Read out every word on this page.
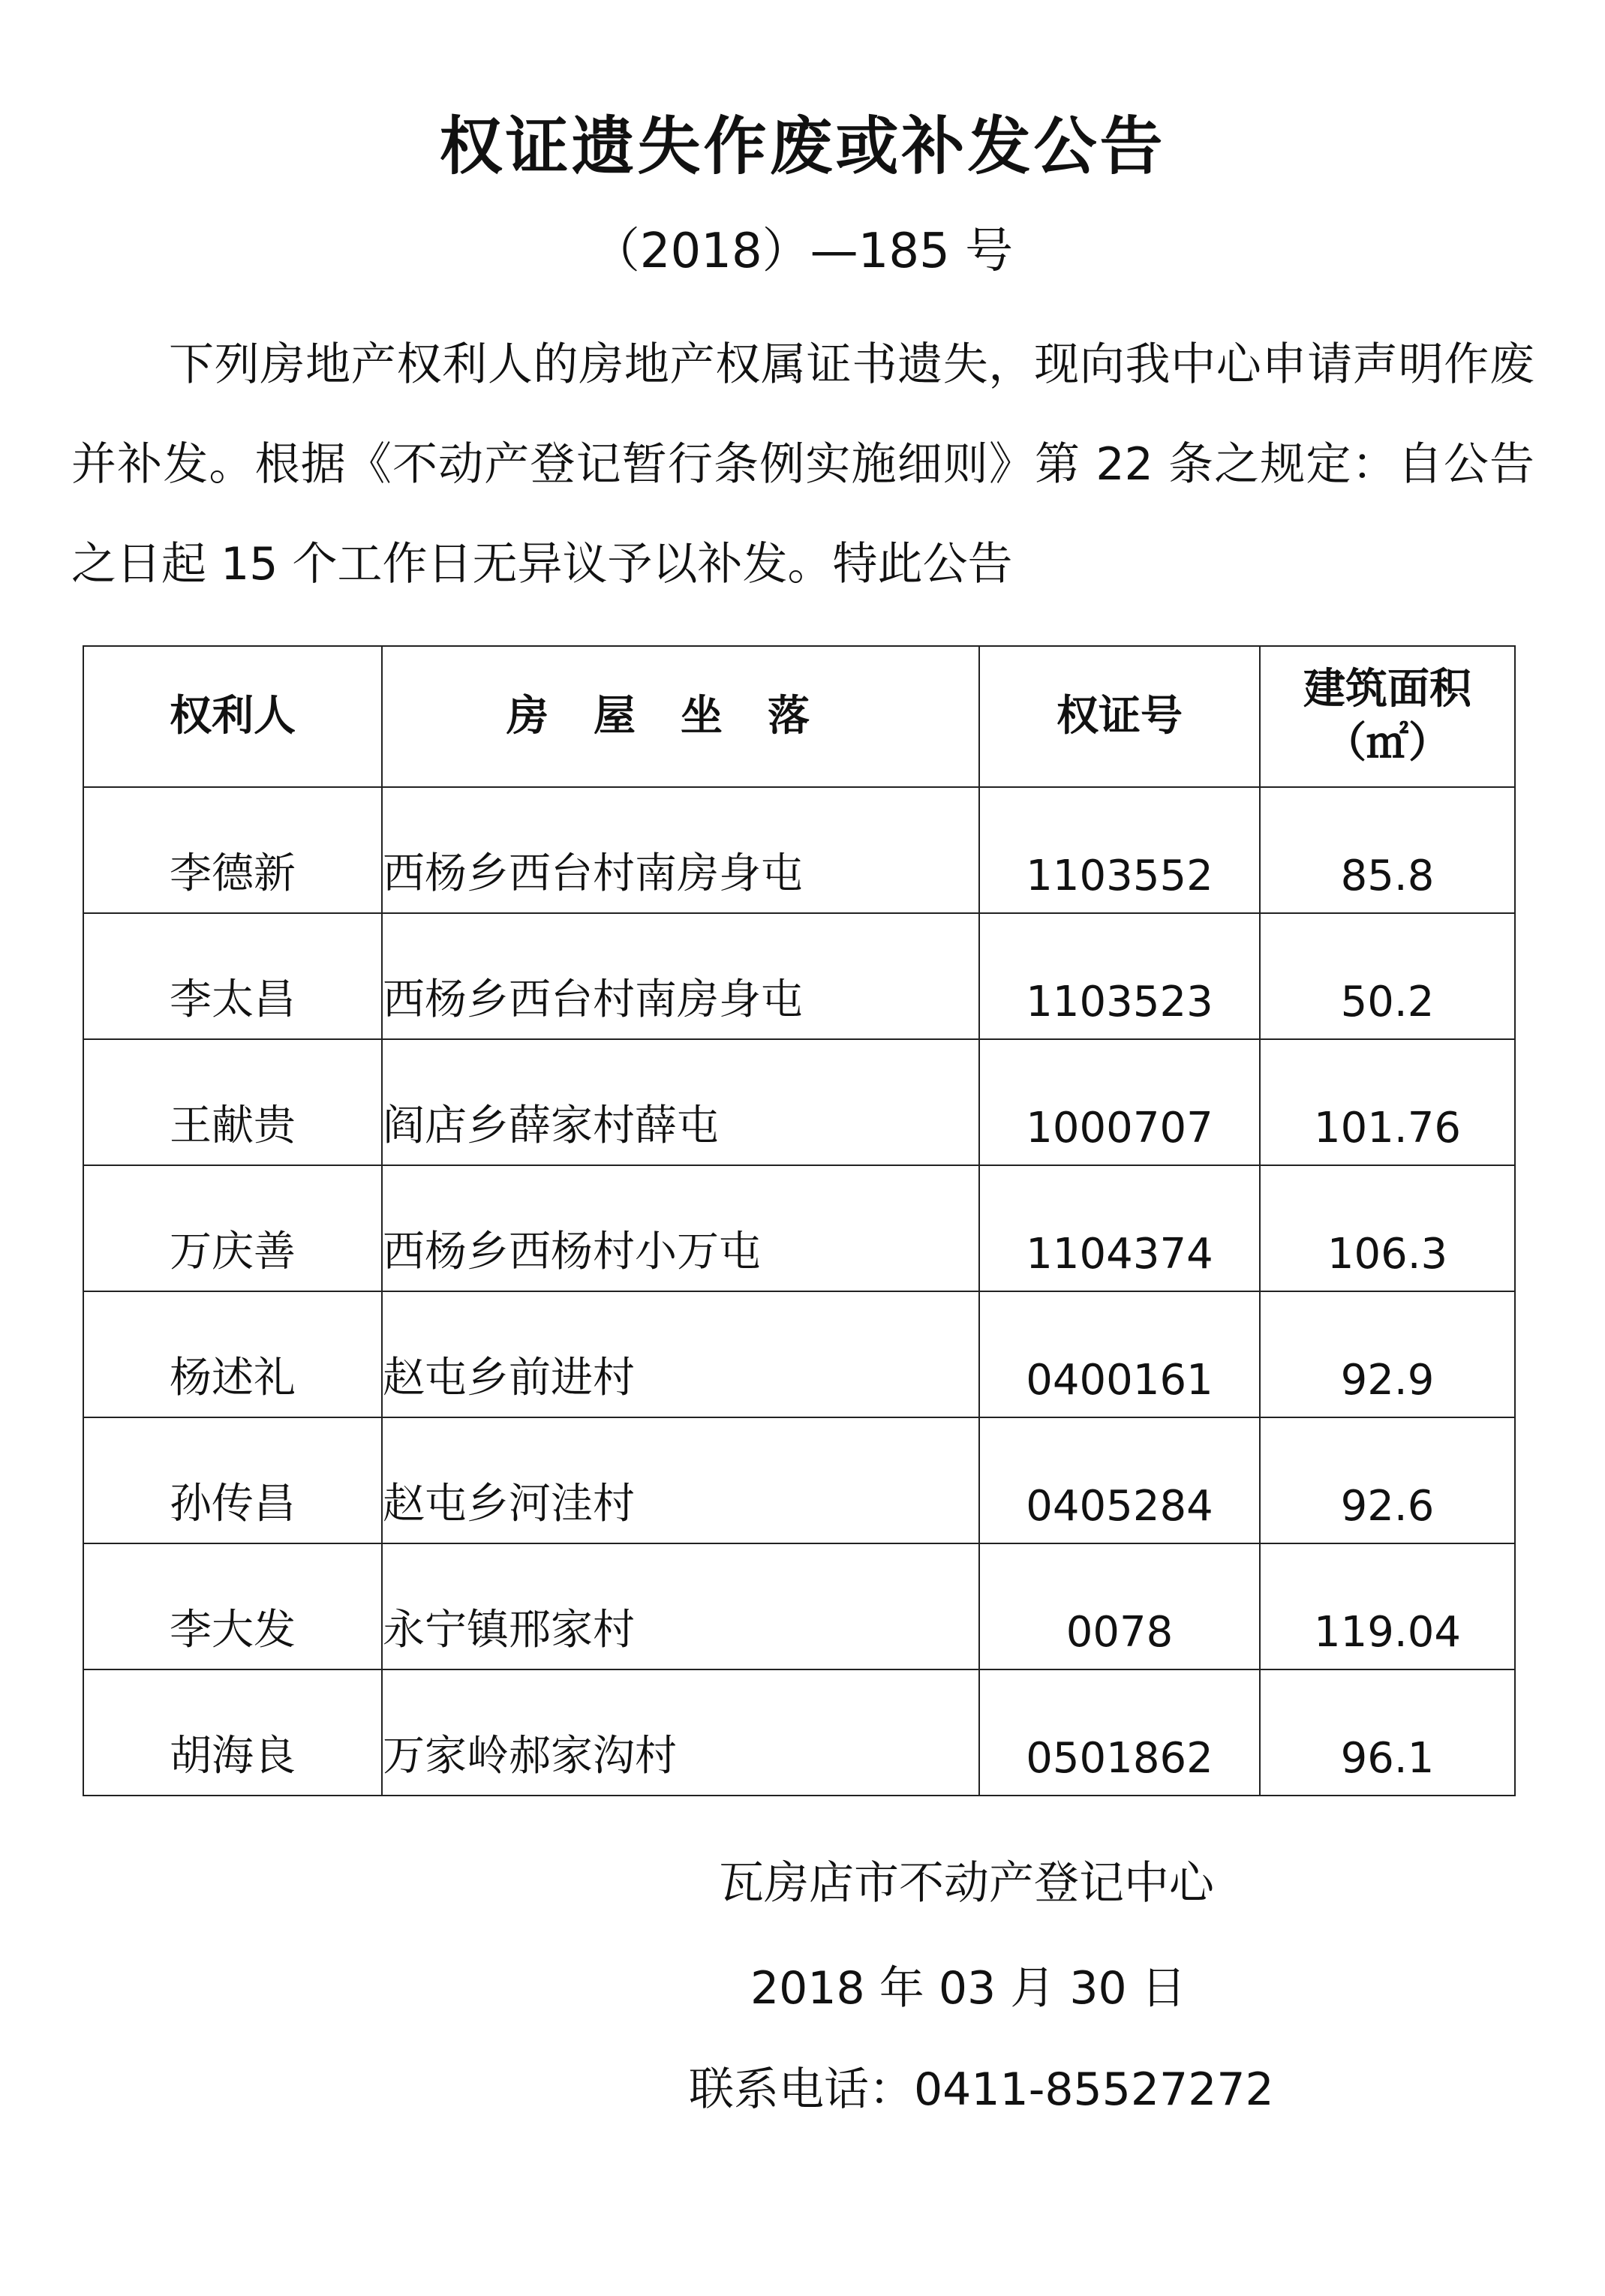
权证遗失作废或补发公告
（2018）—185 号
下列房地产权利人的房地产权属证书遗失，现向我中心申请声明作废并补发。根据《不动产登记暂行条例实施细则》第 22 条之规定：自公告之日起 15 个工作日无异议予以补发。特此公告
权利人	房屋坐落	权证号	建筑面积
（㎡）

李德新	西杨乡西台村南房身屯	1103552	85.8
李太昌	西杨乡西台村南房身屯	1103523	50.2
王献贵	阎店乡薛家村薛屯	1000707	101.76
万庆善	西杨乡西杨村小万屯	1104374	106.3
杨述礼	赵屯乡前进村	0400161	92.9
孙传昌	赵屯乡河洼村	0405284	92.6
李大发	永宁镇邢家村	0078	119.04
胡海良	万家岭郝家沟村	0501862	96.1
瓦房店市不动产登记中心
2018 年 03 月 30 日
联系电话：0411-85527272
